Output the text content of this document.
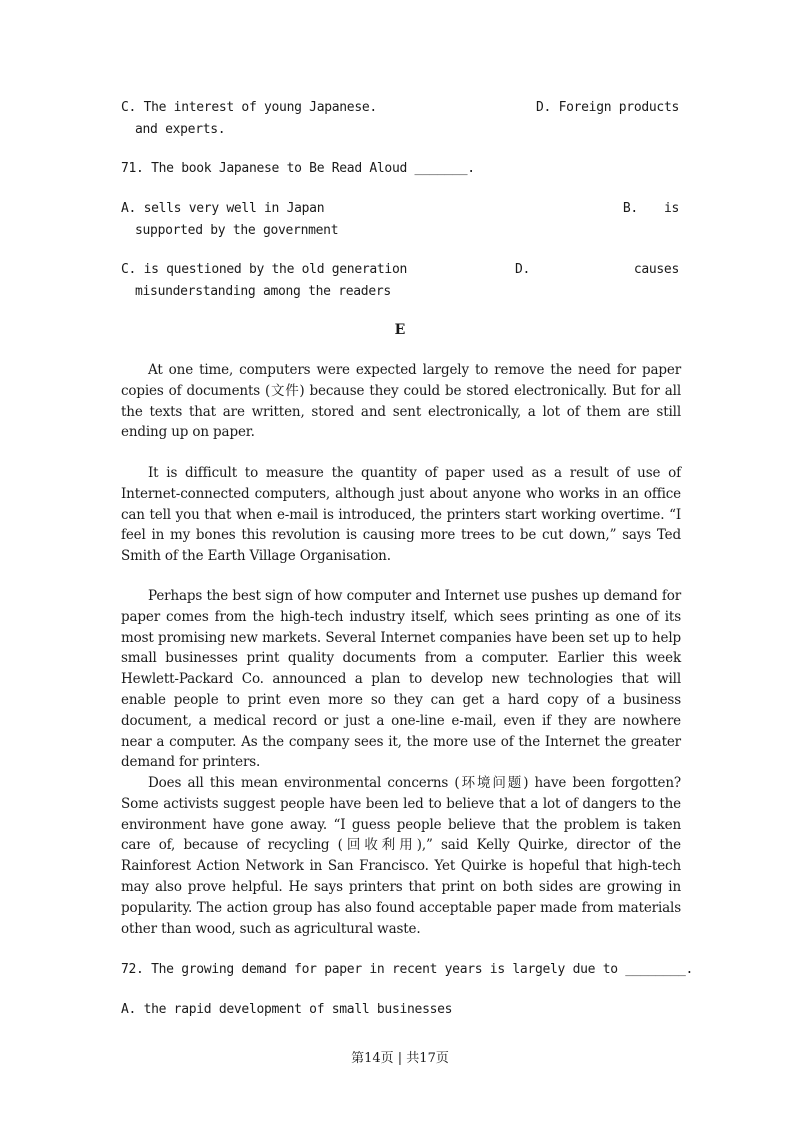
C. The interest of young Japanese.	D. Foreign products
and experts.
71. The book Japanese to Be Read Aloud _______.
A. sells very well in Japan	B. is
supported by the government
C. is questioned by the old generation	D.	causes
misunderstanding among the readers
E

At one time, computers were expected largely to remove the need for paper copies of documents (文件) because they could be stored electronically. But for all the texts that are written, stored and sent electronically, a lot of them are still ending up on paper.

It is difficult to measure the quantity of paper used as a result of use of Internet-connected computers, although just about anyone who works in an office can tell you that when e-mail is introduced, the printers start working overtime. “I feel in my bones this revolution is causing more trees to be cut down,” says Ted Smith of the Earth Village Organisation.

Perhaps the best sign of how computer and Internet use pushes up demand for paper comes from the high-tech industry itself, which sees printing as one of its most promising new markets. Several Internet companies have been set up to help small businesses print quality documents from a computer. Earlier this week Hewlett-Packard Co. announced a plan to develop new technologies that will enable people to print even more so they can get a hard copy of a business document, a medical record or just a one-line e-mail, even if they are nowhere near a computer. As the company sees it, the more use of the Internet the greater demand for printers.

Does all this mean environmental concerns (环境问题) have been forgotten? Some activists suggest people have been led to believe that a lot of dangers to the environment have gone away. “I guess people believe that the problem is taken care of, because of recycling (回收利用),” said Kelly Quirke, director of the Rainforest Action Network in San Francisco. Yet Quirke is hopeful that high-tech may also prove helpful. He says printers that print on both sides are growing in popularity. The action group has also found acceptable paper made from materials other than wood, such as agricultural waste.

72. The growing demand for paper in recent years is largely due to ________.
A. the rapid development of small businesses
第14页 | 共17页
